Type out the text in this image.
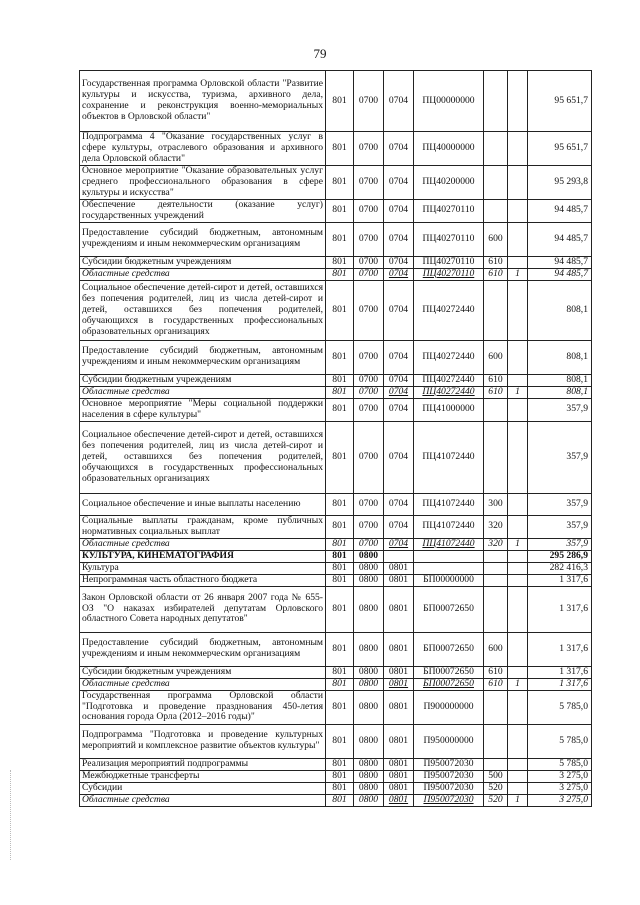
79
Государственная программа Орловской области "Развитие культуры и искусства, туризма, архивного дела, сохранение и реконструкция военно-мемориальных объектов в Орловской области"	801	0700	0704	ПЦ00000000			95 651,7
Подпрограмма 4 "Оказание государственных услуг в сфере культуры, отраслевого образования и архивного дела Орловской области"	801	0700	0704	ПЦ40000000			95 651,7
Основное мероприятие "Оказание образовательных услуг среднего профессионального образования в сфере культуры и искусства"	801	0700	0704	ПЦ40200000			95 293,8
Обеспечение деятельности (оказание услуг) государственных учреждений	801	0700	0704	ПЦ40270110			94 485,7
Предоставление субсидий бюджетным, автономным учреждениям и иным некоммерческим организациям	801	0700	0704	ПЦ40270110	600		94 485,7
Субсидии бюджетным учреждениям	801	0700	0704	ПЦ40270110	610		94 485,7
Областные средства	801	0700	0704	ПЦ40270110	610	1	94 485,7
Социальное обеспечение детей-сирот и детей, оставшихся без попечения родителей, лиц из числа детей-сирот и детей, оставшихся без попечения родителей, обучающихся в государственных профессиональных образовательных организациях	801	0700	0704	ПЦ40272440			808,1
Предоставление субсидий бюджетным, автономным учреждениям и иным некоммерческим организациям	801	0700	0704	ПЦ40272440	600		808,1
Субсидии бюджетным учреждениям	801	0700	0704	ПЦ40272440	610		808,1
Областные средства	801	0700	0704	ПЦ40272440	610	1	808,1
Основное мероприятие "Меры социальной поддержки населения в сфере культуры"	801	0700	0704	ПЦ41000000			357,9
Социальное обеспечение детей-сирот и детей, оставшихся без попечения родителей, лиц из числа детей-сирот и детей, оставшихся без попечения родителей, обучающихся в государственных профессиональных образовательных организациях	801	0700	0704	ПЦ41072440			357,9
Социальное обеспечение и иные выплаты населению	801	0700	0704	ПЦ41072440	300		357,9
Социальные выплаты гражданам, кроме публичных нормативных социальных выплат	801	0700	0704	ПЦ41072440	320		357,9
Областные средства	801	0700	0704	ПЦ41072440	320	1	357,9
КУЛЬТУРА, КИНЕМАТОГРАФИЯ	801	0800					295 286,9
Культура	801	0800	0801				282 416,3
Непрограммная часть областного бюджета	801	0800	0801	БП00000000			1 317,6
Закон Орловской области от 26 января 2007 года № 655-ОЗ "О наказах избирателей депутатам Орловского областного Совета народных депутатов"	801	0800	0801	БП00072650			1 317,6
Предоставление субсидий бюджетным, автономным учреждениям и иным некоммерческим организациям	801	0800	0801	БП00072650	600		1 317,6
Субсидии бюджетным учреждениям	801	0800	0801	БП00072650	610		1 317,6
Областные средства	801	0800	0801	БП00072650	610	1	1 317,6
Государственная программа Орловской области "Подготовка и проведение празднования 450-летия основания города Орла (2012–2016 годы)"	801	0800	0801	П900000000			5 785,0
Подпрограмма "Подготовка и проведение культурных мероприятий и комплексное развитие объектов культуры"	801	0800	0801	П950000000			5 785,0
Реализация мероприятий подпрограммы	801	0800	0801	П950072030			5 785,0
Межбюджетные трансферты	801	0800	0801	П950072030	500		3 275,0
Субсидии	801	0800	0801	П950072030	520		3 275,0
Областные средства	801	0800	0801	П950072030	520	1	3 275,0
